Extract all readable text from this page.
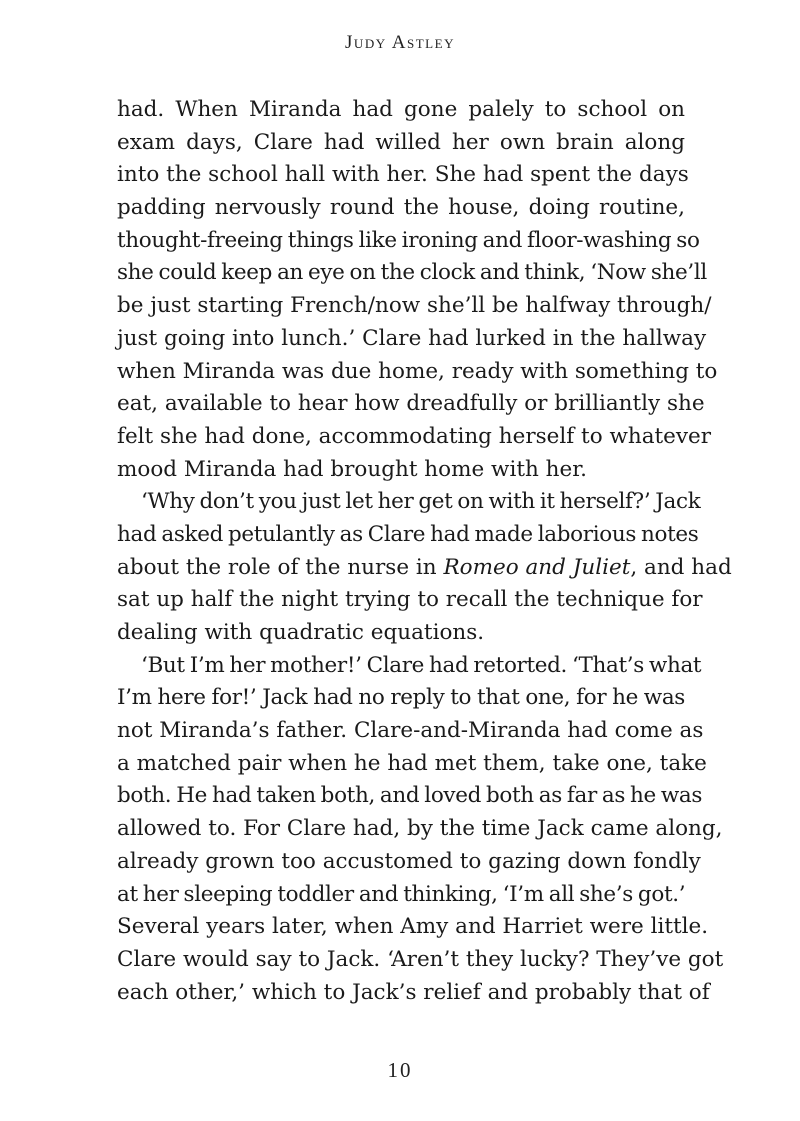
Judy Astley
had. When Miranda had gone palely to school on
exam days, Clare had willed her own brain along
into the school hall with her. She had spent the days
padding nervously round the house, doing routine,
thought-freeing things like ironing and floor-washing so
she could keep an eye on the clock and think, ‘Now she’ll
be just starting French/now she’ll be halfway through/
just going into lunch.’ Clare had lurked in the hallway
when Miranda was due home, ready with something to
eat, available to hear how dreadfully or brilliantly she
felt she had done, accommodating herself to whatever
mood Miranda had brought home with her.
‘Why don’t you just let her get on with it herself?’ Jack
had asked petulantly as Clare had made laborious notes
about the role of the nurse in Romeo and Juliet, and had
sat up half the night trying to recall the technique for
dealing with quadratic equations.
‘But I’m her mother!’ Clare had retorted. ‘That’s what
I’m here for!’ Jack had no reply to that one, for he was
not Miranda’s father. Clare-and-Miranda had come as
a matched pair when he had met them, take one, take
both. He had taken both, and loved both as far as he was
allowed to. For Clare had, by the time Jack came along,
already grown too accustomed to gazing down fondly
at her sleeping toddler and thinking, ‘I’m all she’s got.’
Several years later, when Amy and Harriet were little.
Clare would say to Jack. ‘Aren’t they lucky? They’ve got
each other,’ which to Jack’s relief and probably that of
10
